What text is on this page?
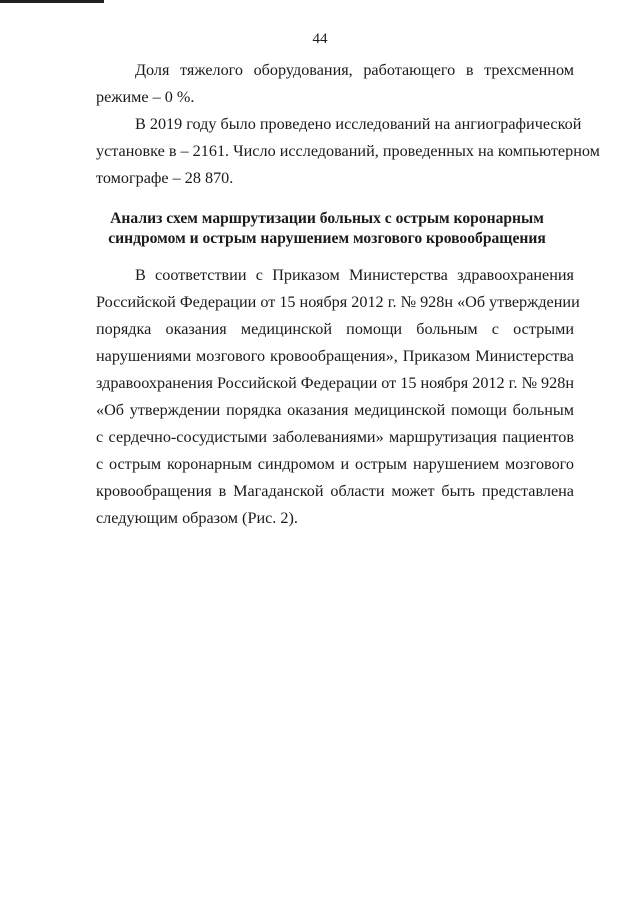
44
Доля тяжелого оборудования, работающего в трехсменном
режиме – 0 %.
В 2019 году было проведено исследований на ангиографической
установке в – 2161. Число исследований, проведенных на компьютерном
томографе – 28 870.
Анализ схем маршрутизации больных с острым коронарным
синдромом и острым нарушением мозгового кровообращения
В соответствии с Приказом Министерства здравоохранения
Российской Федерации от 15 ноября 2012 г. № 928н «Об утверждении
порядка оказания медицинской помощи больным с острыми
нарушениями мозгового кровообращения», Приказом Министерства
здравоохранения Российской Федерации от 15 ноября 2012 г. № 928н
«Об утверждении порядка оказания медицинской помощи больным
с сердечно-сосудистыми заболеваниями» маршрутизация пациентов
с острым коронарным синдромом и острым нарушением мозгового
кровообращения в Магаданской области может быть представлена
следующим образом (Рис. 2).
